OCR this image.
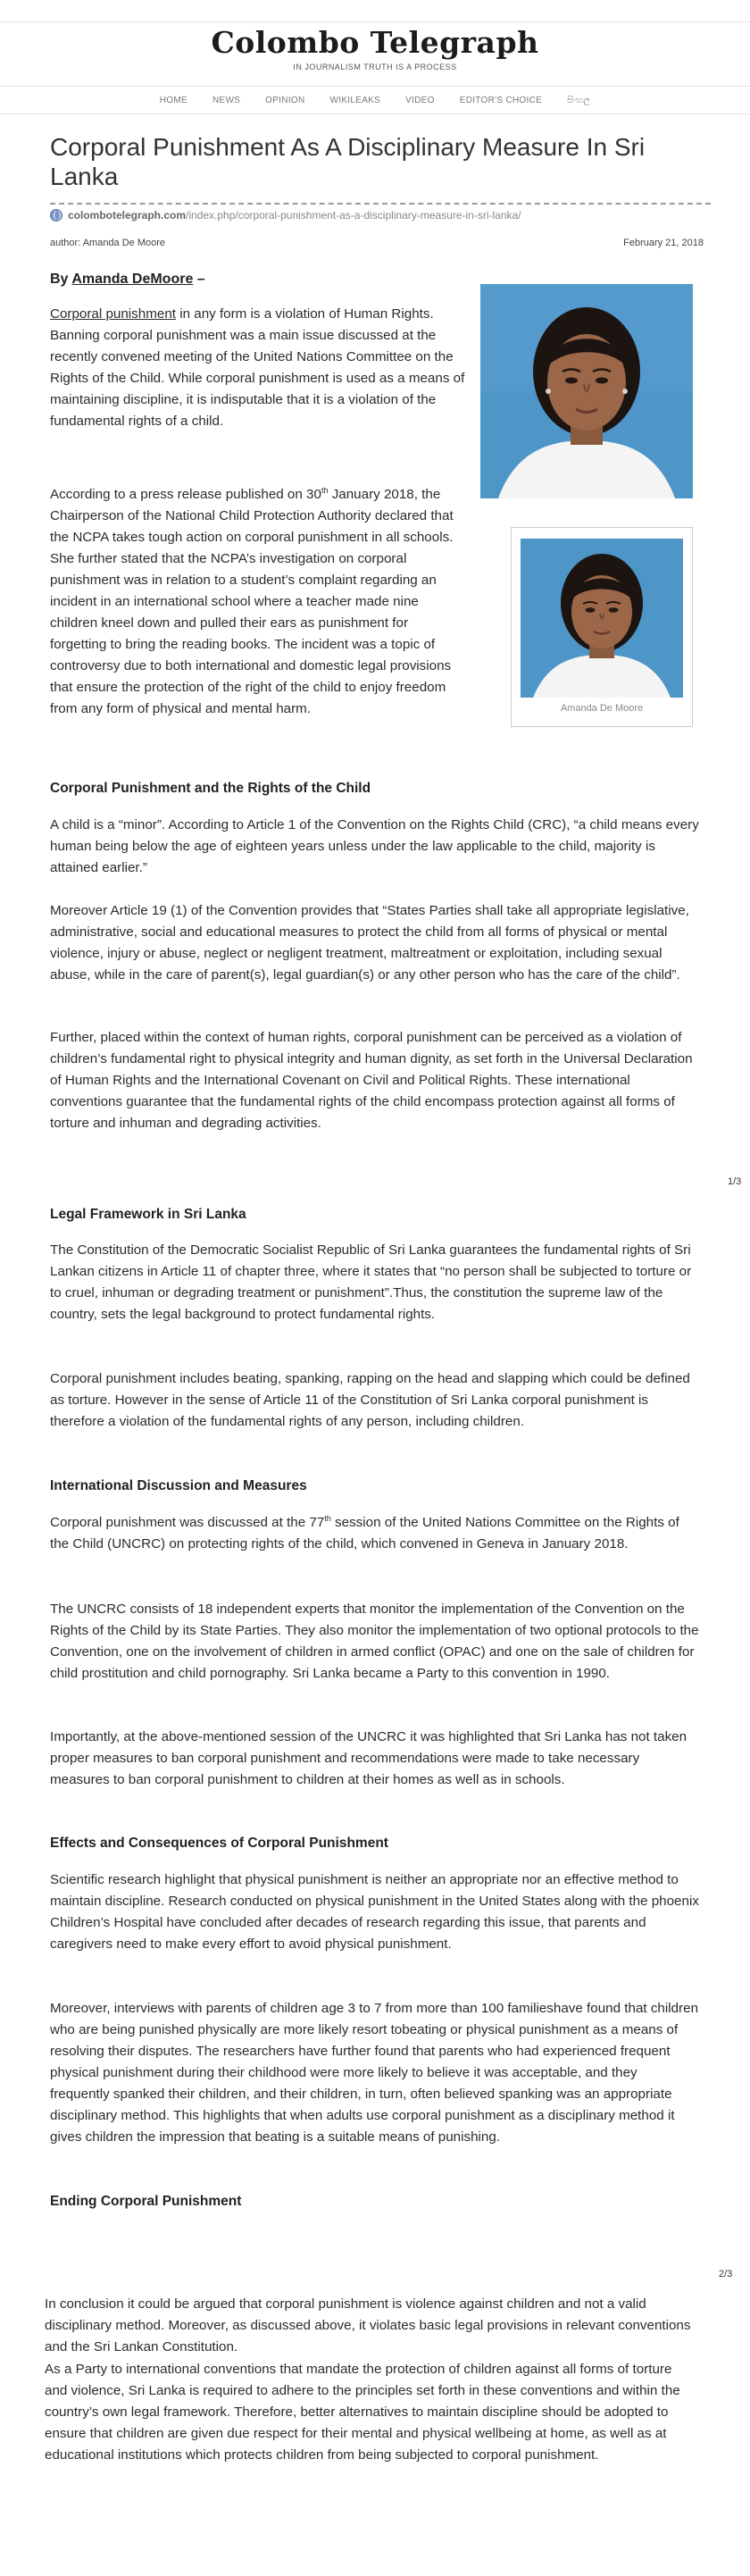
Colombo Telegraph
IN JOURNALISM TRUTH IS A PROCESS
HOME	NEWS	OPINION	WIKILEAKS	VIDEO	EDITOR'S CHOICE	සිංහල
Corporal Punishment As A Disciplinary Measure In Sri Lanka
colombotelegraph.com/index.php/corporal-punishment-as-a-disciplinary-measure-in-sri-lanka/
author: Amanda De Moore	February 21, 2018
By Amanda DeMoore –
Amanda De Moore

Corporal punishment in any form is a violation of Human Rights. Banning corporal punishment was a main issue discussed at the recently convened meeting of the United Nations Committee on the Rights of the Child. While corporal punishment is used as a means of maintaining discipline, it is indisputable that it is a violation of the fundamental rights of a child.

According to a press release published on 30th January 2018, the Chairperson of the National Child Protection Authority declared that the NCPA takes tough action on corporal punishment in all schools. She further stated that the NCPA’s investigation on corporal punishment was in relation to a student’s complaint regarding an incident in an international school where a teacher made nine children kneel down and pulled their ears as punishment for forgetting to bring the reading books. The incident was a topic of controversy due to both international and domestic legal provisions that ensure the protection of the right of the child to enjoy freedom from any form of physical and mental harm.

Corporal Punishment and the Rights of the Child

A child is a “minor”. According to Article 1 of the Convention on the Rights Child (CRC), “a child means every human being below the age of eighteen years unless under the law applicable to the child, majority is attained earlier.”

Moreover Article 19 (1) of the Convention provides that “States Parties shall take all appropriate legislative, administrative, social and educational measures to protect the child from all forms of physical or mental violence, injury or abuse, neglect or negligent treatment, maltreatment or exploitation, including sexual abuse, while in the care of parent(s), legal guardian(s) or any other person who has the care of the child”.

Further, placed within the context of human rights, corporal punishment can be perceived as a violation of children’s fundamental right to physical integrity and human dignity, as set forth in the Universal Declaration of Human Rights and the International Covenant on Civil and Political Rights. These international conventions guarantee that the fundamental rights of the child encompass protection against all forms of torture and inhuman and degrading activities.

1/3
Legal Framework in Sri Lanka

The Constitution of the Democratic Socialist Republic of Sri Lanka guarantees the fundamental rights of Sri Lankan citizens in Article 11 of chapter three, where it states that “no person shall be subjected to torture or to cruel, inhuman or degrading treatment or punishment”.Thus, the constitution the supreme law of the country, sets the legal background to protect fundamental rights.

Corporal punishment includes beating, spanking, rapping on the head and slapping which could be defined as torture. However in the sense of Article 11 of the Constitution of Sri Lanka corporal punishment is therefore a violation of the fundamental rights of any person, including children.

International Discussion and Measures

Corporal punishment was discussed at the 77th session of the United Nations Committee on the Rights of the Child (UNCRC) on protecting rights of the child, which convened in Geneva in January 2018.

The UNCRC consists of 18 independent experts that monitor the implementation of the Convention on the Rights of the Child by its State Parties. They also monitor the implementation of two optional protocols to the Convention, one on the involvement of children in armed conflict (OPAC) and one on the sale of children for child prostitution and child pornography. Sri Lanka became a Party to this convention in 1990.

Importantly, at the above-mentioned session of the UNCRC it was highlighted that Sri Lanka has not taken proper measures to ban corporal punishment and recommendations were made to take necessary measures to ban corporal punishment to children at their homes as well as in schools.

Effects and Consequences of Corporal Punishment

Scientific research highlight that physical punishment is neither an appropriate nor an effective method to maintain discipline. Research conducted on physical punishment in the United States along with the phoenix Children’s Hospital have concluded after decades of research regarding this issue, that parents and caregivers need to make every effort to avoid physical punishment.

Moreover, interviews with parents of children age 3 to 7 from more than 100 familieshave found that children who are being punished physically are more likely resort tobeating or physical punishment as a means of resolving their disputes. The researchers have further found that parents who had experienced frequent physical punishment during their childhood were more likely to believe it was acceptable, and they frequently spanked their children, and their children, in turn, often believed spanking was an appropriate disciplinary method. This highlights that when adults use corporal punishment as a disciplinary method it gives children the impression that beating is a suitable means of punishing.

Ending Corporal Punishment
2/3

In conclusion it could be argued that corporal punishment is violence against children and not a valid disciplinary method. Moreover, as discussed above, it violates basic legal provisions in relevant conventions and the Sri Lankan Constitution.

As a Party to international conventions that mandate the protection of children against all forms of torture and violence, Sri Lanka is required to adhere to the principles set forth in these conventions and within the country’s own legal framework. Therefore, better alternatives to maintain discipline should be adopted to ensure that children are given due respect for their mental and physical wellbeing at home, as well as at educational institutions which protects children from being subjected to corporal punishment.
